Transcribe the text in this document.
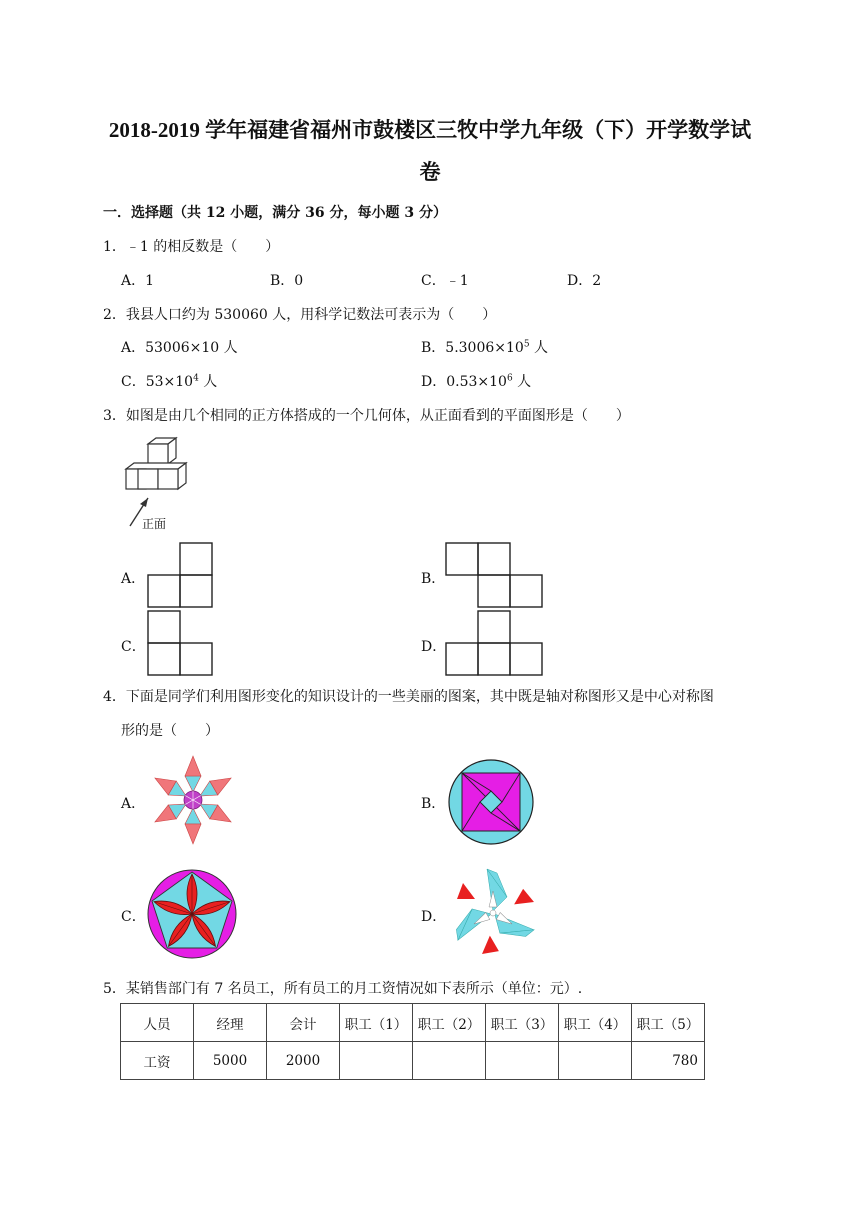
2018-2019 学年福建省福州市鼓楼区三牧中学九年级（下）开学数学试
卷
一．选择题（共 12 小题，满分 36 分，每小题 3 分）
1．﹣1 的相反数是（　　）
A．1	B．0	C．﹣1	D．2
2．我县人口约为 530060 人，用科学记数法可表示为（　　）
A．53006×10 人	B．$5.3006\times 10^5$ 人
C．$53\times 10^4$ 人	D．$0.53\times 10^6$ 人
3．如图是由几个相同的正方体搭成的一个几何体，从正面看到的平面图形是（　　）
正面
A．	B．
C．	D．
4．下面是同学们利用图形变化的知识设计的一些美丽的图案，其中既是轴对称图形又是中心对称图
形的是（　　）
A．	B．
C．	D．
5．某销售部门有 7 名员工，所有员工的月工资情况如下表所示（单位：元）.
人员	经理	会计	职工（1）	职工（2）	职工（3）	职工（4）	职工（5）
工资	5000	2000					780
